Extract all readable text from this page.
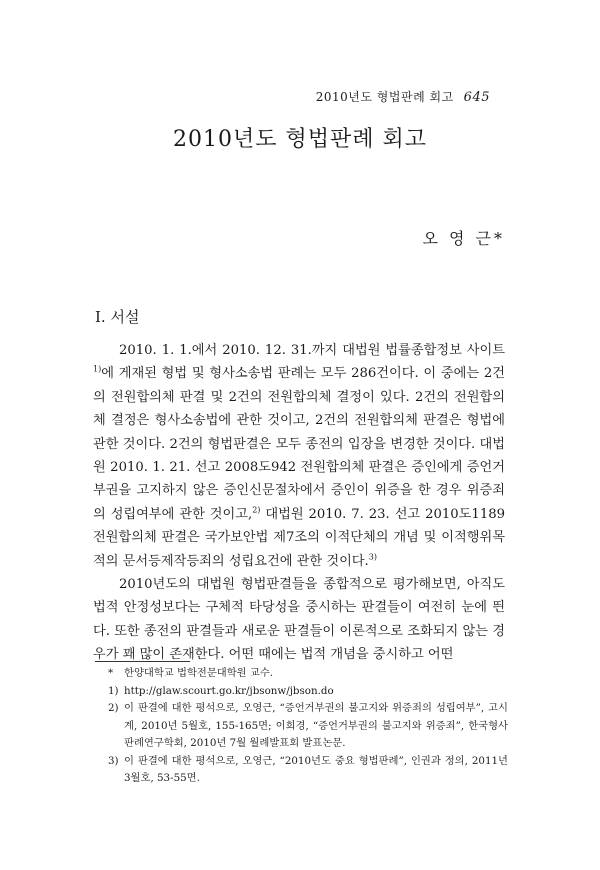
2010년도 형법판례 회고 645
2010년도 형법판례 회고
오 영 근*
Ⅰ. 서설

2010. 1. 1.에서 2010. 12. 31.까지 대법원 법률종합정보 사이트$^{1)}$에 게재된 형법 및 형사소송법 판례는 모두 286건이다. 이 중에는 2건의 전원합의체 판결 및 2건의 전원합의체 결정이 있다. 2건의 전원합의체 결정은 형사소송법에 관한 것이고, 2건의 전원합의체 판결은 형법에 관한 것이다. 2건의 형법판결은 모두 종전의 입장을 변경한 것이다. 대법원 2010. 1. 21. 선고 2008도942 전원합의체 판결은 증인에게 증언거부권을 고지하지 않은 증인신문절차에서 증인이 위증을 한 경우 위증죄의 성립여부에 관한 것이고,$^{2)}$ 대법원 2010. 7. 23. 선고 2010도1189 전원합의체 판결은 국가보안법 제7조의 이적단체의 개념 및 이적행위목적의 문서등제작등죄의 성립요건에 관한 것이다.$^{3)}$

2010년도의 대법원 형법판결들을 종합적으로 평가해보면, 아직도 법적 안정성보다는 구체적 타당성을 중시하는 판결들이 여전히 눈에 띈다. 또한 종전의 판결들과 새로운 판결들이 이론적으로 조화되지 않는 경우가 꽤 많이 존재한다. 어떤 때에는 법적 개념을 중시하고 어떤

*	한양대학교 법학전문대학원 교수.
1) http://glaw.scourt.go.kr/jbsonw/jbson.do
2) 이 판결에 대한 평석으로, 오영근, “증언거부권의 불고지와 위증죄의 성립여부”, 고시계, 2010년 5월호, 155-165면; 이희경, “증언거부권의 불고지와 위증죄”, 한국형사판례연구학회, 2010년 7월 월례발표회 발표논문.
3) 이 판결에 대한 평석으로, 오영근, “2010년도 중요 형법판례”, 인권과 정의, 2011년 3월호, 53-55면.
